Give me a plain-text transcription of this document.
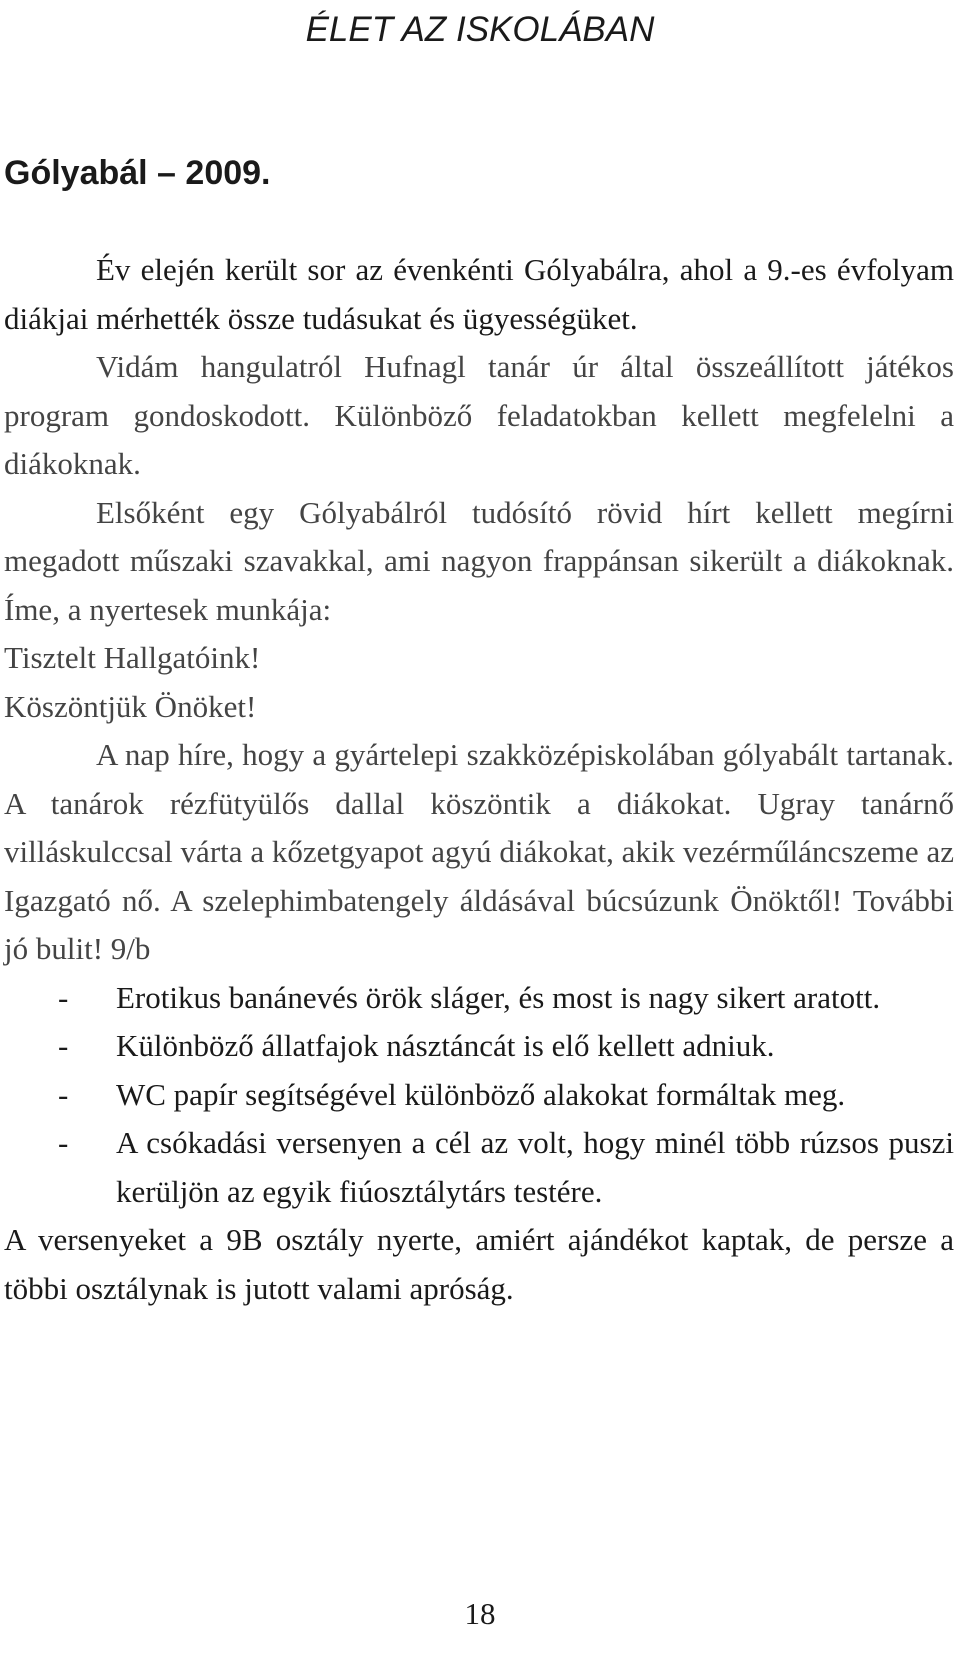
ÉLET AZ ISKOLÁBAN
Gólyabál – 2009.

Év elején került sor az évenkénti Gólyabálra, ahol a 9.-es évfolyam diákjai mérhették össze tudásukat és ügyességüket.

Vidám hangulatról Hufnagl tanár úr által összeállított játékos program gondoskodott. Különböző feladatokban kellett megfelelni a diákoknak.

Elsőként egy Gólyabálról tudósító rövid hírt kellett megírni megadott műszaki szavakkal, ami nagyon frappánsan sikerült a diákoknak. Íme, a nyertesek munkája:

Tisztelt Hallgatóink!

Köszöntjük Önöket!

A nap híre, hogy a gyártelepi szakközépiskolában gólyabált tartanak. A tanárok rézfütyülős dallal köszöntik a diákokat. Ugray tanárnő villáskulccsal várta a kőzetgyapot agyú diákokat, akik vezérműláncszeme az Igazgató nő. A szelephimbatengely áldásával búcsúzunk Önöktől! További jó bulit! 9/b

- Erotikus banánevés örök sláger, és most is nagy sikert aratott.
- Különböző állatfajok násztáncát is elő kellett adniuk.
- WC papír segítségével különböző alakokat formáltak meg.
- A csókadási versenyen a cél az volt, hogy minél több rúzsos puszi kerüljön az egyik fiúosztálytárs testére.

A versenyeket a 9B osztály nyerte, amiért ajándékot kaptak, de persze a többi osztálynak is jutott valami apróság.

18
